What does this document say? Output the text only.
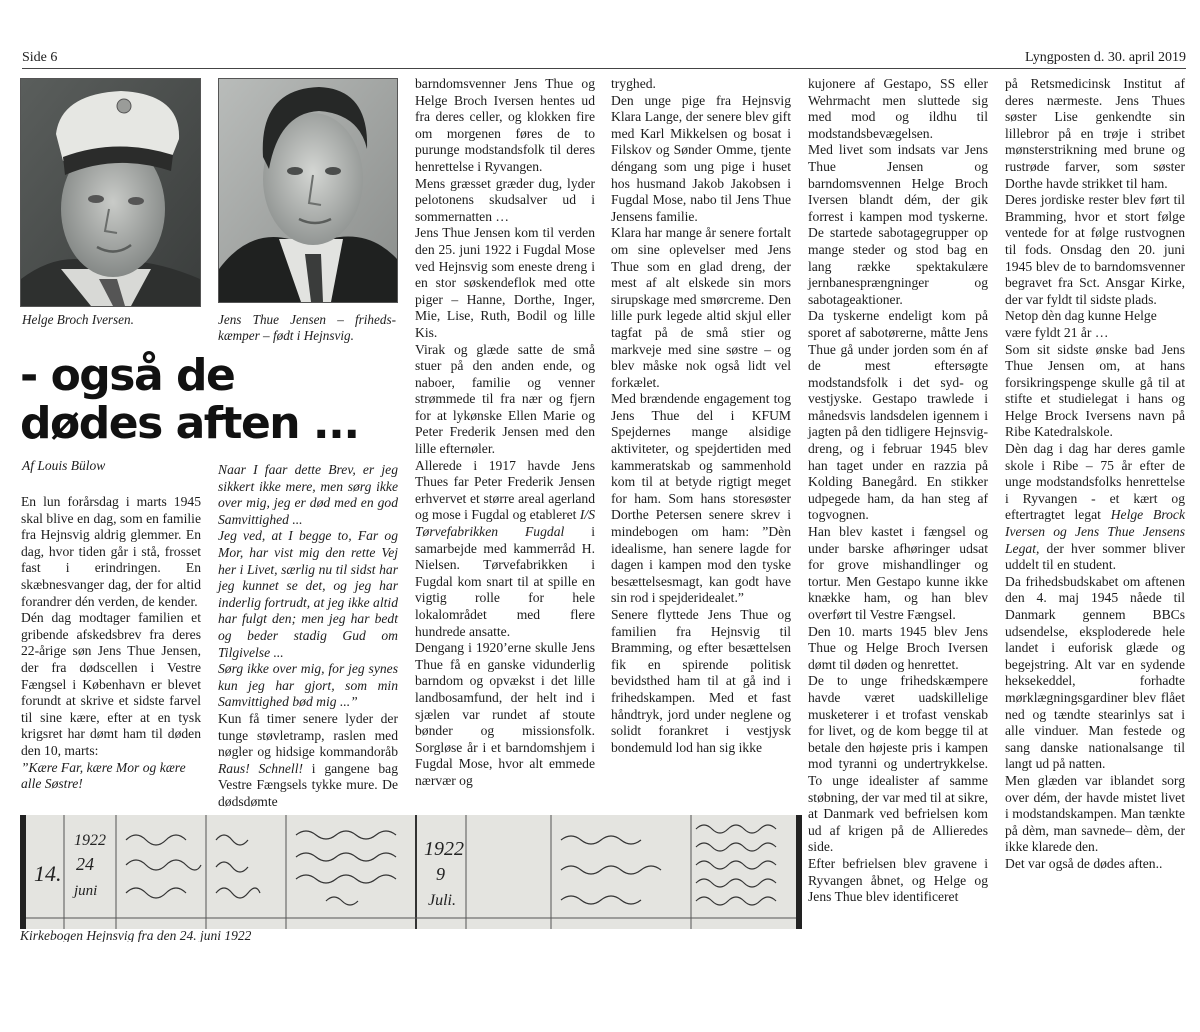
Side 6	Lyngposten d. 30. april 2019
Helge Broch Iversen.	Jens Thue Jensen – friheds-kæmper – født i Hejnsvig.
- også de
dødes aften ...
Af Louis Bülow

En lun forårsdag i marts 1945 skal blive en dag, som en familie fra Hejnsvig aldrig glemmer. En dag, hvor tiden går i stå, frosset fast i erindringen. En skæbnesvanger dag, der for altid forandrer dén verden, de kender.

Dén dag modtager familien et gribende afskedsbrev fra deres 22-årige søn Jens Thue Jensen, der fra dødscellen i Vestre Fængsel i København er blevet forundt at skrive et sidste farvel til sine kære, efter at en tysk krigsret har dømt ham til døden den 10, marts:

”Kære Far, kære Mor og kære alle Søstre!

Naar I faar dette Brev, er jeg sikkert ikke mere, men sørg ikke over mig, jeg er død med en god Samvittighed ...

Jeg ved, at I begge to, Far og Mor, har vist mig den rette Vej her i Livet, særlig nu til sidst har jeg kunnet se det, og jeg har inderlig fortrudt, at jeg ikke altid har fulgt den; men jeg har bedt og beder stadig Gud om Tilgivelse ...

Sørg ikke over mig, for jeg synes kun jeg har gjort, som min Samvittighed bød mig ...”

Kun få timer senere lyder der tunge støvletramp, raslen med nøgler og hidsige kommandoråb Raus! Schnell! i gangene bag Vestre Fængsels tykke mure. De dødsdømte

barndomsvenner Jens Thue og Helge Broch Iversen hentes ud fra deres celler, og klokken fire om morgenen føres de to purunge modstandsfolk til deres henrettelse i Ryvangen.

Mens græsset græder dug, lyder pelotonens skudsalver ud i sommernatten …

Jens Thue Jensen kom til verden den 25. juni 1922 i Fugdal Mose ved Hejnsvig som eneste dreng i en stor søskendeflok med otte piger – Hanne, Dorthe, Inger, Mie, Lise, Ruth, Bodil og lille Kis.

Virak og glæde satte de små stuer på den anden ende, og naboer, familie og venner strømmede til fra nær og fjern for at lykønske Ellen Marie og Peter Frederik Jensen med den lille efternøler.

Allerede i 1917 havde Jens Thues far Peter Frederik Jensen erhvervet et større areal agerland og mose i Fugdal og etableret I/S Tørvefabrikken Fugdal i samarbejde med kammerråd H. Nielsen. Tørvefabrikken i Fugdal kom snart til at spille en vigtig rolle for hele lokalområdet med flere hundrede ansatte.

Dengang i 1920’erne skulle Jens Thue få en ganske vidunderlig barndom og opvækst i det lille landbosamfund, der helt ind i sjælen var rundet af stoute bønder og missionsfolk. Sorgløse år i et barndomshjem i Fugdal Mose, hvor alt emmede nærvær og

tryghed.

Den unge pige fra Hejnsvig Klara Lange, der senere blev gift med Karl Mikkelsen og bosat i Filskov og Sønder Omme, tjente déngang som ung pige i huset hos husmand Jakob Jakobsen i Fugdal Mose, nabo til Jens Thue Jensens familie.

Klara har mange år senere fortalt om sine oplevelser med Jens Thue som en glad dreng, der mest af alt elskede sin mors sirupskage med smørcreme. Den lille purk legede altid skjul eller tagfat på de små stier og markveje med sine søstre – og blev måske nok også lidt vel forkælet.

Med brændende engagement tog Jens Thue del i KFUM Spejdernes mange alsidige aktiviteter, og spejdertiden med kammeratskab og sammenhold kom til at betyde rigtigt meget for ham. Som hans storesøster Dorthe Petersen senere skrev i mindebogen om ham: ”Dèn idealisme, han senere lagde for dagen i kampen mod den tyske besættelsesmagt, kan godt have sin rod i spejderidealet.”

Senere flyttede Jens Thue og familien fra Hejnsvig til Bramming, og efter besættelsen fik en spirende politisk bevidsthed ham til at gå ind i frihedskampen. Med et fast håndtryk, jord under neglene og solidt forankret i vestjysk bondemuld lod han sig ikke

kujonere af Gestapo, SS eller Wehrmacht men sluttede sig med mod og ildhu til modstandsbevægelsen.

Med livet som indsats var Jens Thue Jensen og barndomsvennen Helge Broch Iversen blandt dém, der gik forrest i kampen mod tyskerne. De startede sabotagegrupper op mange steder og stod bag en lang række spektakulære jernbanesprængninger og sabotageaktioner.

Da tyskerne endeligt kom på sporet af sabotørerne, måtte Jens Thue gå under jorden som én af de mest eftersøgte modstandsfolk i det syd- og vestjyske. Gestapo trawlede i månedsvis landsdelen igennem i jagten på den tidligere Hejnsvig-dreng, og i februar 1945 blev han taget under en razzia på Kolding Banegård. En stikker udpegede ham, da han steg af togvognen.

Han blev kastet i fængsel og under barske afhøringer udsat for grove mishandlinger og tortur. Men Gestapo kunne ikke knække ham, og han blev overført til Vestre Fængsel.

Den 10. marts 1945 blev Jens Thue og Helge Broch Iversen dømt til døden og henrettet.

De to unge frihedskæmpere havde været uadskillelige musketerer i et trofast venskab for livet, og de kom begge til at betale den højeste pris i kampen mod tyranni og undertrykkelse. To unge idealister af samme støbning, der var med til at sikre, at Danmark ved befrielsen kom ud af krigen på de Allieredes side.

Efter befrielsen blev gravene i Ryvangen åbnet, og Helge og Jens Thue blev identificeret

på Retsmedicinsk Institut af deres nærmeste. Jens Thues søster Lise genkendte sin lillebror på en trøje i stribet mønsterstrikning med brune og rustrøde farver, som søster Dorthe havde strikket til ham.

Deres jordiske rester blev ført til Bramming, hvor et stort følge ventede for at følge rustvognen til fods. Onsdag den 20. juni 1945 blev de to barndomsvenner begravet fra Sct. Ansgar Kirke, der var fyldt til sidste plads.

Netop dèn dag kunne Helge være fyldt 21 år …

Som sit sidste ønske bad Jens Thue Jensen om, at hans forsikringspenge skulle gå til at stifte et studielegat i hans og Helge Brock Iversens navn på Ribe Katedralskole.

Dèn dag i dag har deres gamle skole i Ribe – 75 år efter de unge modstandsfolks henrettelse i Ryvangen - et kært og eftertragtet legat Helge Brock Iversen og Jens Thue Jensens Legat, der hver sommer bliver uddelt til en student.

Da frihedsbudskabet om aftenen den 4. maj 1945 nåede til Danmark gennem BBCs udsendelse, eksploderede hele landet i euforisk glæde og begejstring. Alt var en sydende heksekeddel, forhadte mørklægningsgardiner blev flået ned og tændte stearinlys sat i alle vinduer. Man festede og sang danske nationalsange til langt ud på natten.

Men glæden var iblandet sorg over dém, der havde mistet livet i modstandskampen. Man tænkte på dèm, man savnede– dèm, der ikke klarede den.

Det var også de dødes aften..

14.
1922
24
juni
1922
9
Juli.
Kirkebogen Hejnsvig fra den 24. juni 1922
